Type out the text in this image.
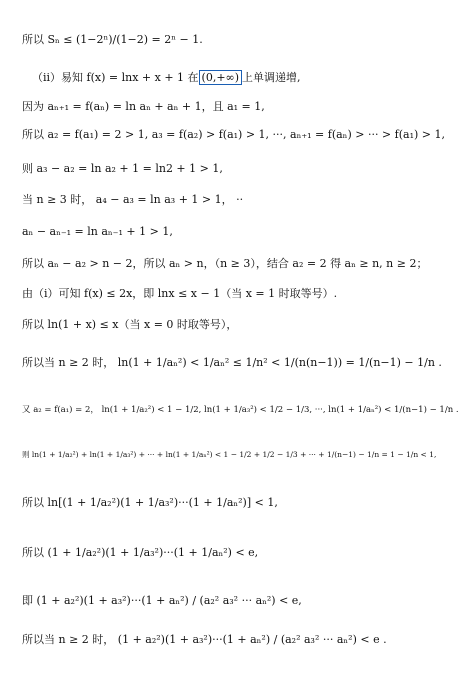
所以 Sₙ ≤ (1−2ⁿ)/(1−2) = 2ⁿ − 1.
（ii）易知 f(x) = lnx + x + 1 在 (0,+∞) 上单调递增,
因为 aₙ₊₁ = f(aₙ) = ln aₙ + aₙ + 1，且 a₁ = 1,
所以 a₂ = f(a₁) = 2 > 1, a₃ = f(a₂) > f(a₁) > 1, ···, aₙ₊₁ = f(aₙ) > ··· > f(a₁) > 1,
则 a₃ − a₂ = ln a₂ + 1 = ln2 + 1 > 1,
当 n ≥ 3 时， a₄ − a₃ = ln a₃ + 1 > 1， ··
aₙ − aₙ₋₁ = ln aₙ₋₁ + 1 > 1,
所以 aₙ − a₂ > n − 2，所以 aₙ > n，（n ≥ 3），结合 a₂ = 2 得 aₙ ≥ n, n ≥ 2；
由（i）可知 f(x) ≤ 2x，即 lnx ≤ x − 1（当 x = 1 时取等号）.
所以 ln(1 + x) ≤ x（当 x = 0 时取等号），
所以当 n ≥ 2 时， ln(1 + 1/aₙ²) < 1/aₙ² ≤ 1/n² < 1/(n(n−1)) = 1/(n−1) − 1/n .
又 a₂ = f(a₁) = 2， ln(1 + 1/a₂²) < 1 − 1/2, ln(1 + 1/a₃²) < 1/2 − 1/3, ···, ln(1 + 1/aₙ²) < 1/(n−1) − 1/n .
则 ln(1 + 1/a₂²) + ln(1 + 1/a₃²) + ··· + ln(1 + 1/aₙ²) < 1 − 1/2 + 1/2 − 1/3 + ··· + 1/(n−1) − 1/n = 1 − 1/n < 1,
所以 ln[(1 + 1/a₂²)(1 + 1/a₃²)···(1 + 1/aₙ²)] < 1,
所以 (1 + 1/a₂²)(1 + 1/a₃²)···(1 + 1/aₙ²) < e,
即 (1 + a₂²)(1 + a₃²)···(1 + aₙ²) / (a₂² a₃² ··· aₙ²) < e,
所以当 n ≥ 2 时， (1 + a₂²)(1 + a₃²)···(1 + aₙ²) / (a₂² a₃² ··· aₙ²) < e .
